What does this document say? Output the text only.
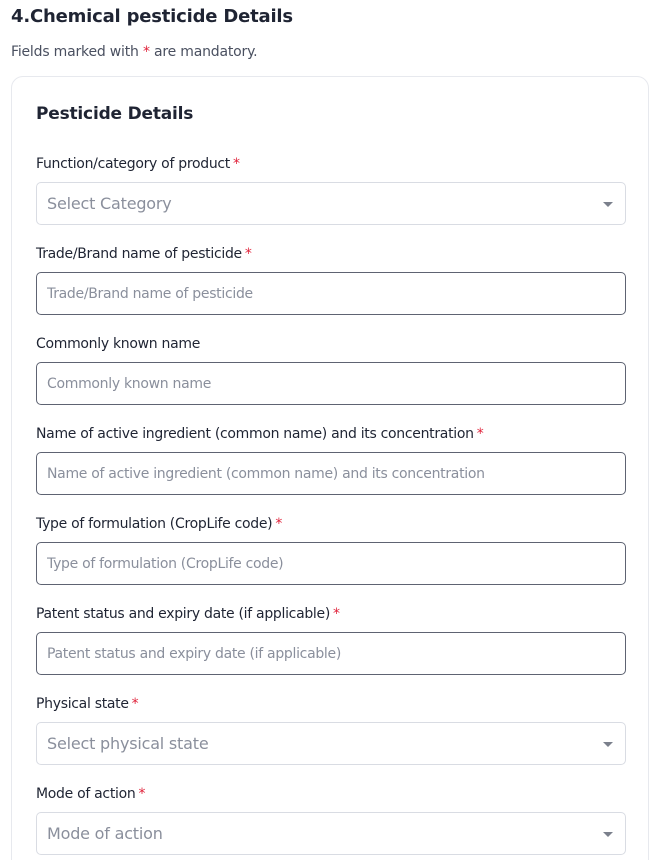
4.Chemical pesticide Details

Fields marked with * are mandatory.

Pesticide Details
Function/category of product *
Select Category
Trade/Brand name of pesticide *
Trade/Brand name of pesticide
Commonly known name
Commonly known name
Name of active ingredient (common name) and its concentration *
Name of active ingredient (common name) and its concentration
Type of formulation (CropLife code) *
Type of formulation (CropLife code)
Patent status and expiry date (if applicable) *
Patent status and expiry date (if applicable)
Physical state *
Select physical state
Mode of action *
Mode of action
